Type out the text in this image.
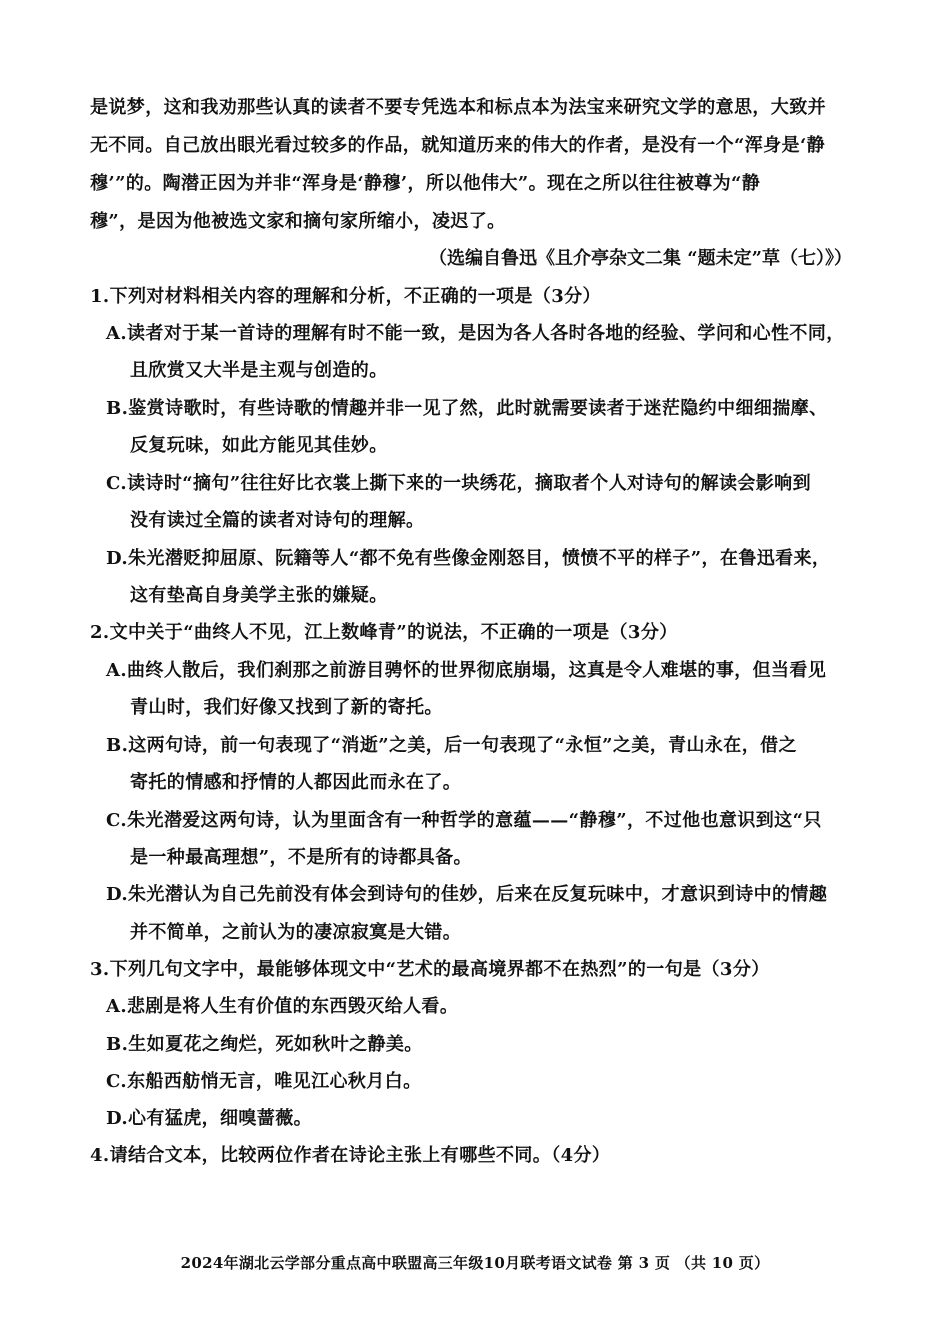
是说梦，这和我劝那些认真的读者不要专凭选本和标点本为法宝来研究文学的意思，大致并
无不同。自己放出眼光看过较多的作品，就知道历来的伟大的作者，是没有一个“浑身是‘静
穆’”的。陶潜正因为并非“浑身是‘静穆’，所以他伟大”。现在之所以往往被尊为“静
穆”，是因为他被选文家和摘句家所缩小，凌迟了。
（选编自鲁迅《且介亭杂文二集 “题未定”草（七）》）
1.下列对材料相关内容的理解和分析，不正确的一项是（3分）
A.读者对于某一首诗的理解有时不能一致，是因为各人各时各地的经验、学问和心性不同，
且欣赏又大半是主观与创造的。
B.鉴赏诗歌时，有些诗歌的情趣并非一见了然，此时就需要读者于迷茫隐约中细细揣摩、
反复玩味，如此方能见其佳妙。
C.读诗时“摘句”往往好比衣裳上撕下来的一块绣花，摘取者个人对诗句的解读会影响到
没有读过全篇的读者对诗句的理解。
D.朱光潜贬抑屈原、阮籍等人“都不免有些像金刚怒目，愤愤不平的样子”，在鲁迅看来，
这有垫高自身美学主张的嫌疑。
2.文中关于“曲终人不见，江上数峰青”的说法，不正确的一项是（3分）
A.曲终人散后，我们刹那之前游目骋怀的世界彻底崩塌，这真是令人难堪的事，但当看见
青山时，我们好像又找到了新的寄托。
B.这两句诗，前一句表现了“消逝”之美，后一句表现了“永恒”之美，青山永在，借之
寄托的情感和抒情的人都因此而永在了。
C.朱光潜爱这两句诗，认为里面含有一种哲学的意蕴——“静穆”，不过他也意识到这“只
是一种最高理想”，不是所有的诗都具备。
D.朱光潜认为自己先前没有体会到诗句的佳妙，后来在反复玩味中，才意识到诗中的情趣
并不简单，之前认为的凄凉寂寞是大错。
3.下列几句文字中，最能够体现文中“艺术的最高境界都不在热烈”的一句是（3分）
A.悲剧是将人生有价值的东西毁灭给人看。
B.生如夏花之绚烂，死如秋叶之静美。
C.东船西舫悄无言，唯见江心秋月白。
D.心有猛虎，细嗅蔷薇。
4.请结合文本，比较两位作者在诗论主张上有哪些不同。（4分）
2024年湖北云学部分重点高中联盟高三年级10月联考语文试卷 第 3 页 （共 10 页）
